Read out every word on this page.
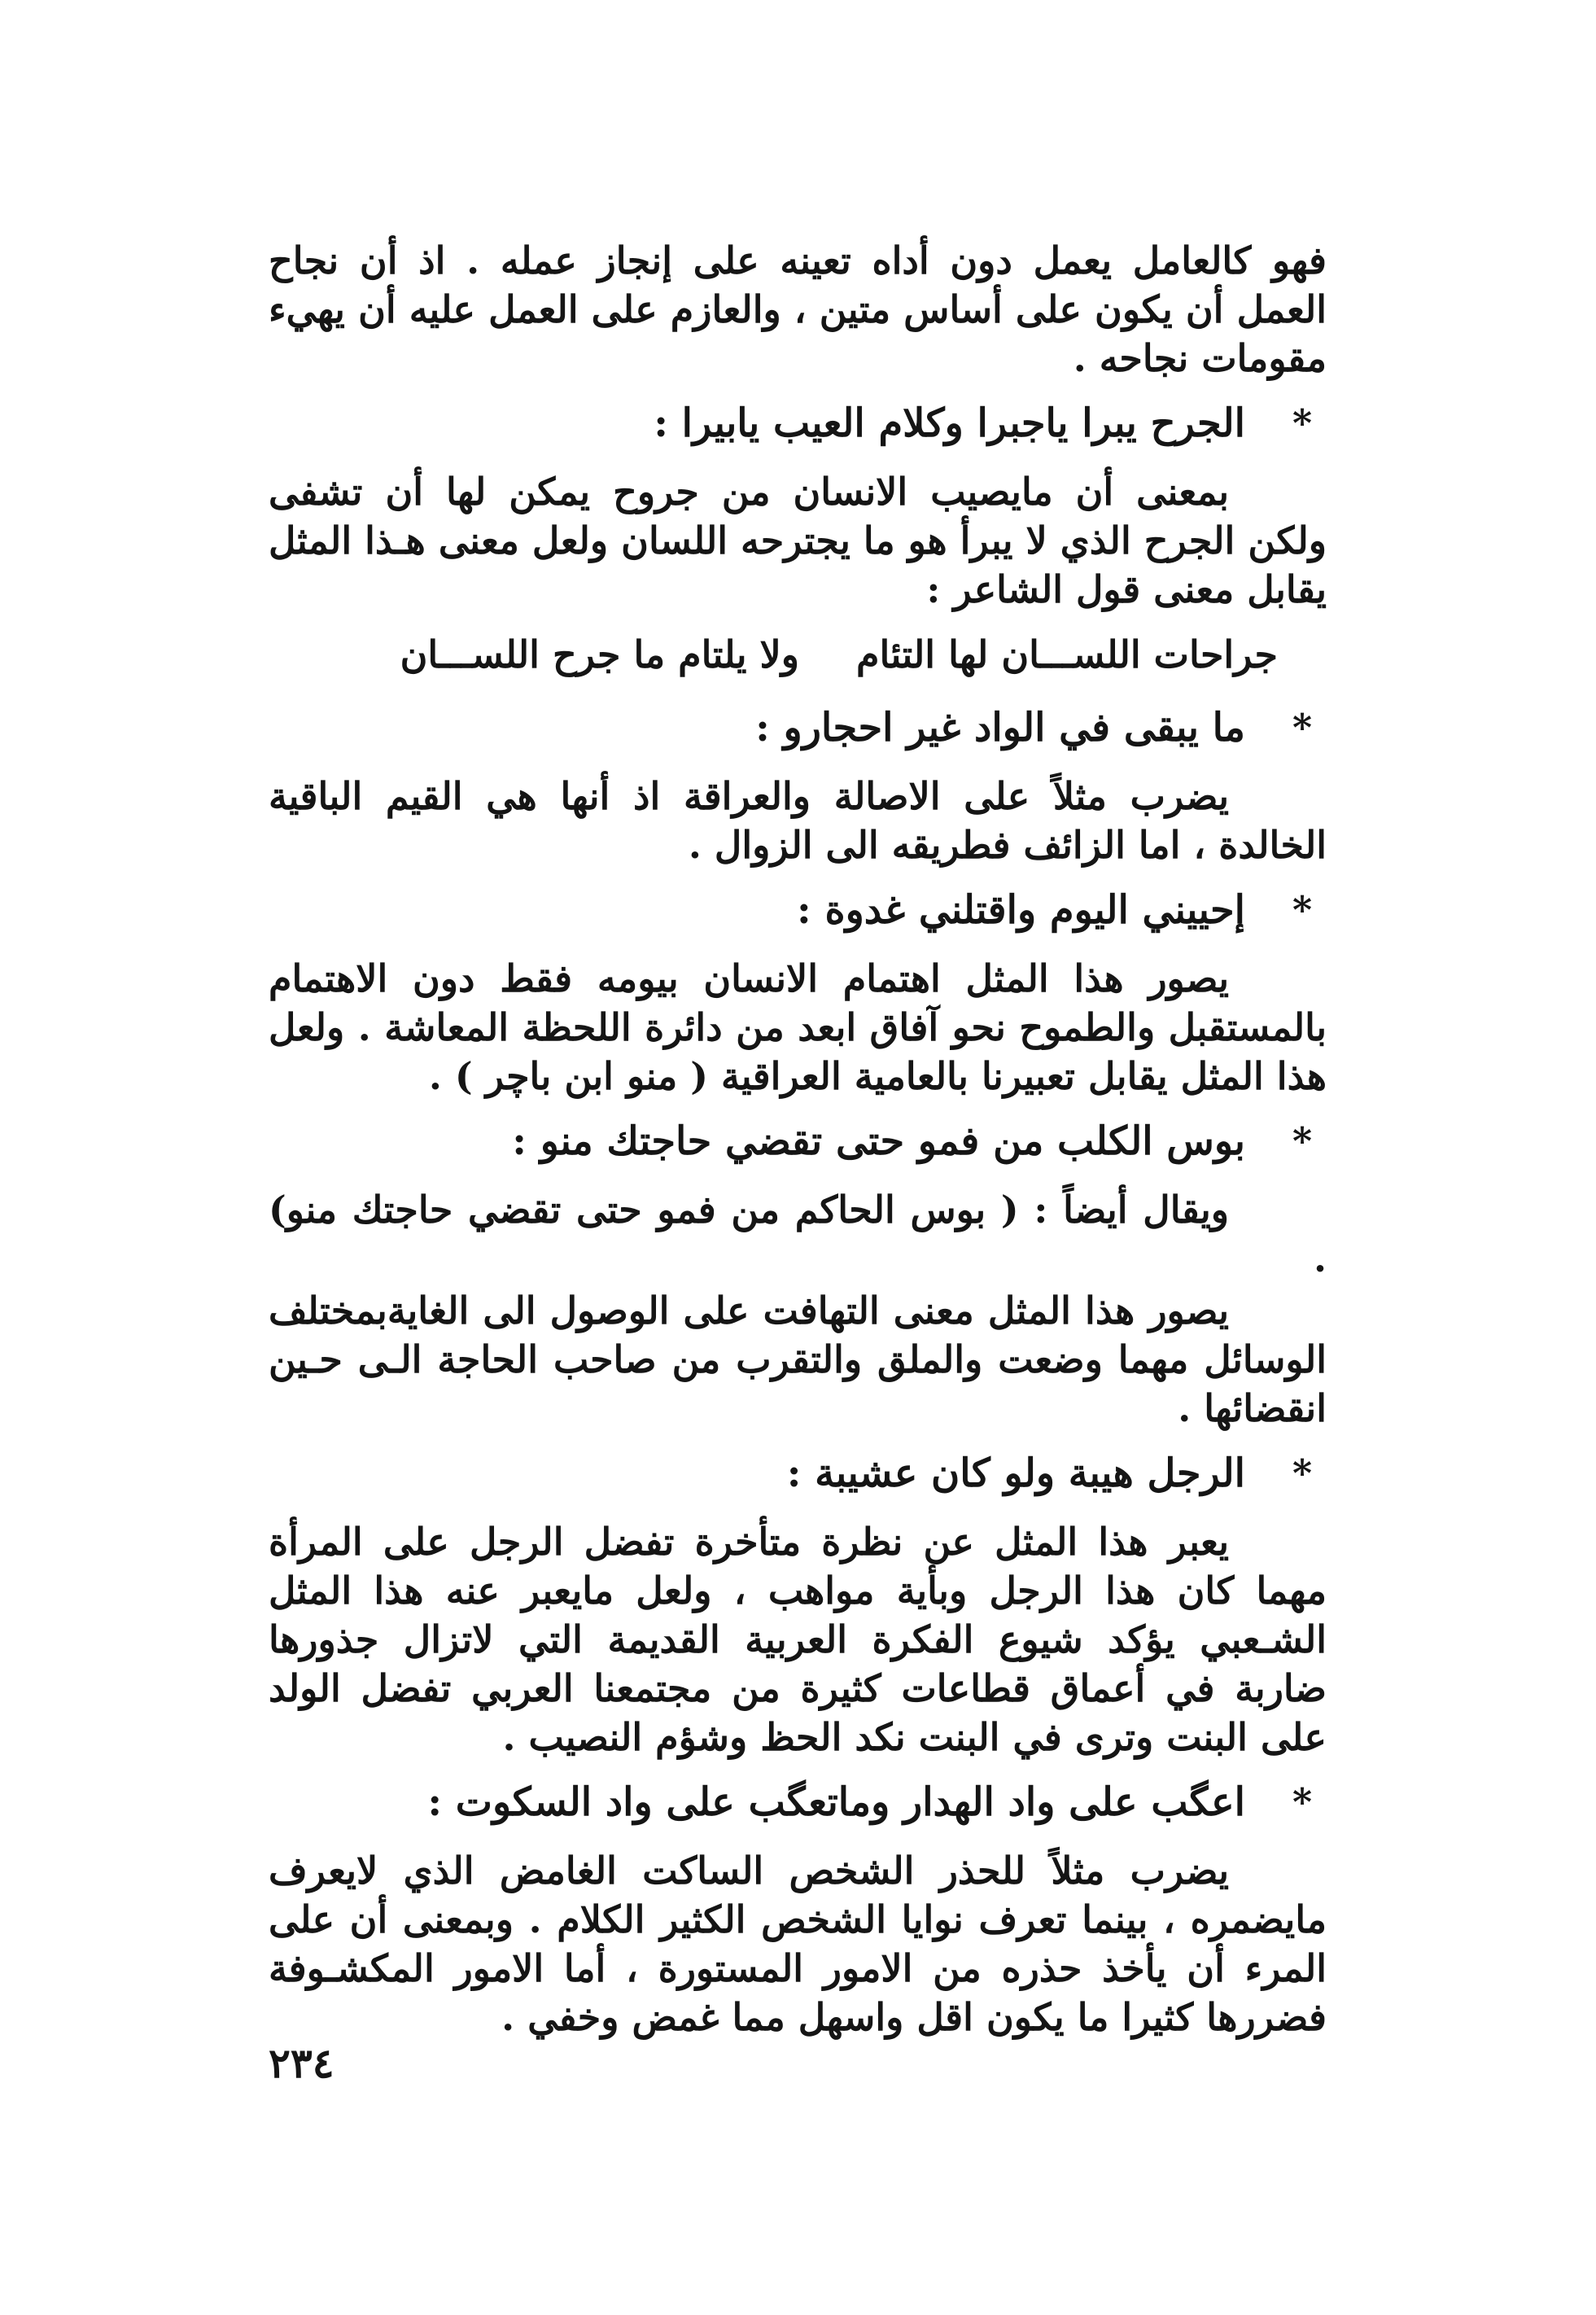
فهو كالعامل يعمل دون أداه تعينه على إنجاز عمله . اذ أن نجاح العمل أن يكون على أساس متين ، والعازم على العمل عليه أن يهيء مقومات نجاحه .

*
الجرح يبرا ياجبرا وكلام العيب يابيرا :

بمعنى أن مايصيب الانسان من جروح يمكن لها أن تشفى ولكن الجرح الذي لا يبرأ هو ما يجترحه اللسان ولعل معنى هـذا المثل يقابل معنى قول الشاعر :

جراحات اللســـان لها التئام
ولا يلتام ما جرح اللســـان
*
ما يبقى في الواد غير احجارو :

يضرب مثلاً على الاصالة والعراقة اذ أنها هي القيم الباقية الخالدة ، اما الزائف فطريقه الى الزوال .

*
إحييني اليوم واقتلني غدوة :

يصور هذا المثل اهتمام الانسان بيومه فقط دون الاهتمام بالمستقبل والطموح نحو آفاق ابعد من دائرة اللحظة المعاشة . ولعل هذا المثل يقابل تعبيرنا بالعامية العراقية ( منو ابن باچر ) .

*
بوس الكلب من فمو حتى تقضي حاجتك منو :

ويقال أيضاً : ( بوس الحاكم من فمو حتى تقضي حاجتك منو) .

يصور هذا المثل معنى التهافت على الوصول الى الغايةبمختلف الوسائل مهما وضعت والملق والتقرب من صاحب الحاجة الـى حـين انقضائها .

*
الرجل هيبة ولو كان عشيبة :

يعبر هذا المثل عن نظرة متأخرة تفضل الرجل على المرأة مهما كان هذا الرجل وبأية مواهب ، ولعل مايعبر عنه هذا المثل الشـعبي يؤكد شيوع الفكرة العربية القديمة التي لاتزال جذورها ضاربة في أعماق قطاعات كثيرة من مجتمعنا العربي تفضل الولد على البنت وترى في البنت نكد الحظ وشؤم النصيب .

*
اعگب على واد الهدار وماتعگب على واد السكوت :

يضرب مثلاً للحذر الشخص الساكت الغامض الذي لايعرف مايضمره ، بينما تعرف نوايا الشخص الكثير الكلام . وبمعنى أن على المرء أن يأخذ حذره من الامور المستورة ، أما الامور المكشـوفة فضررها كثيرا ما يكون اقل واسهل مما غمض وخفي .

٢٣٤
